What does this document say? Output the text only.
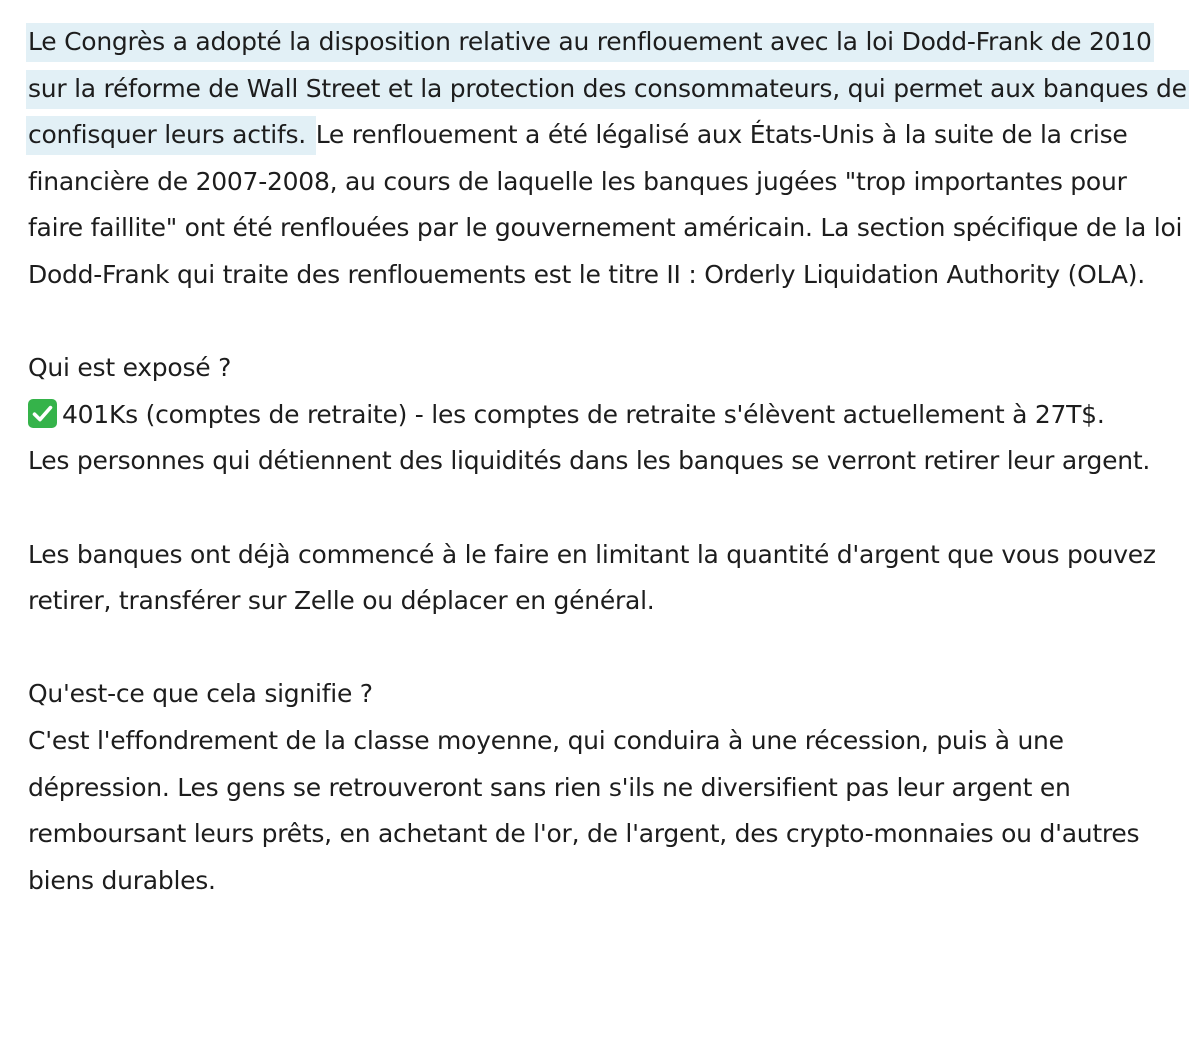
Le Congrès a adopté la disposition relative au renflouement avec la loi Dodd-Frank de 2010 sur la réforme de Wall Street et la protection des consommateurs, qui permet aux banques de confisquer leurs actifs. Le renflouement a été légalisé aux États-Unis à la suite de la crise financière de 2007-2008, au cours de laquelle les banques jugées "trop importantes pour faire faillite" ont été renflouées par le gouvernement américain. La section spécifique de la loi Dodd-Frank qui traite des renflouements est le titre II : Orderly Liquidation Authority (OLA).

Qui est exposé ?

401Ks (comptes de retraite) - les comptes de retraite s'élèvent actuellement à 27T$.

Les personnes qui détiennent des liquidités dans les banques se verront retirer leur argent.

Les banques ont déjà commencé à le faire en limitant la quantité d'argent que vous pouvez retirer, transférer sur Zelle ou déplacer en général.

Qu'est-ce que cela signifie ?

C'est l'effondrement de la classe moyenne, qui conduira à une récession, puis à une dépression. Les gens se retrouveront sans rien s'ils ne diversifient pas leur argent en remboursant leurs prêts, en achetant de l'or, de l'argent, des crypto-monnaies ou d'autres biens durables.
